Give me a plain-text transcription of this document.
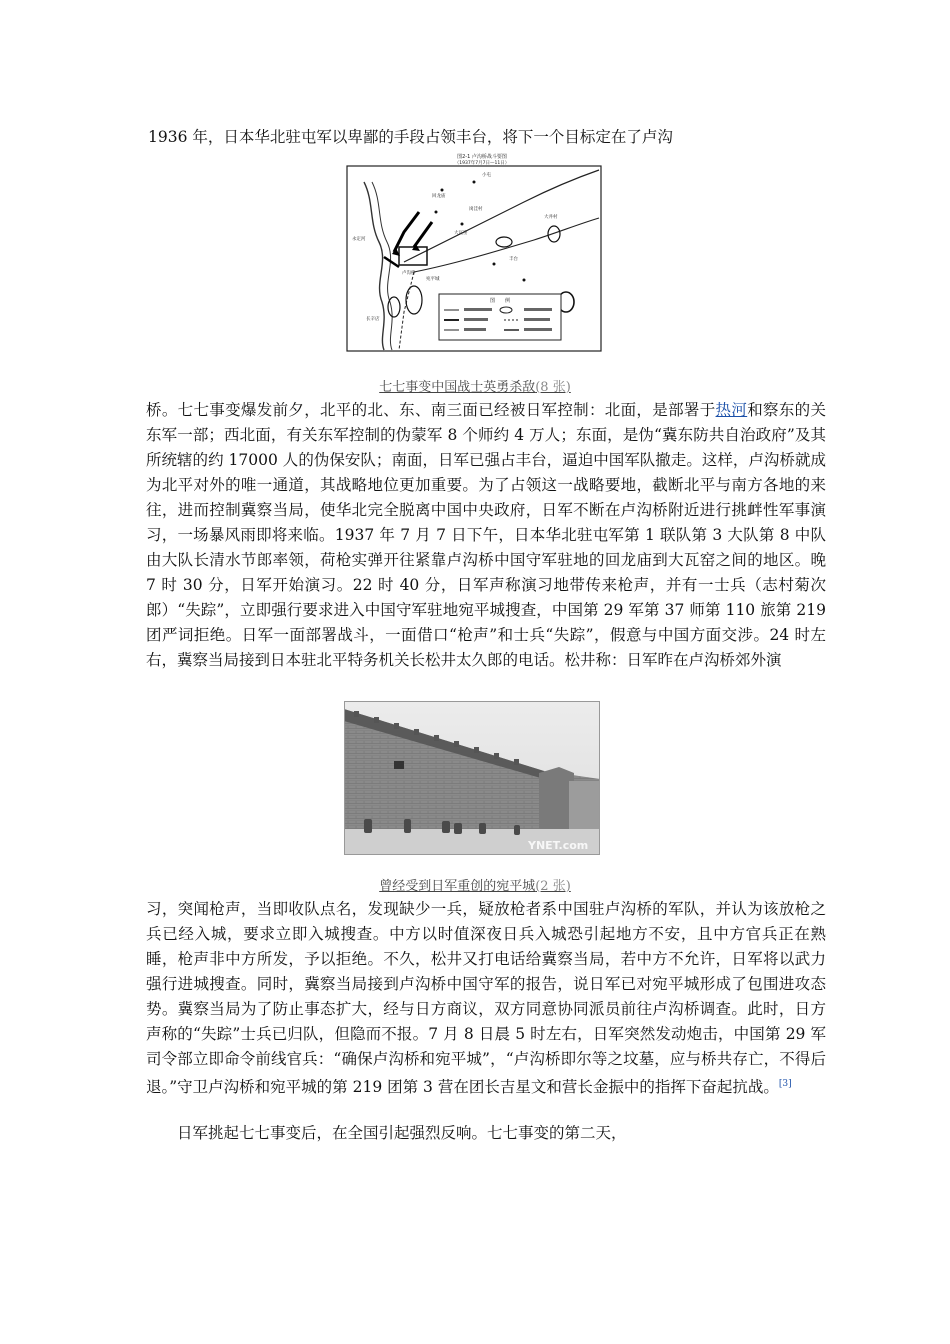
1936 年，日本华北驻屯军以卑鄙的手段占领丰台，将下一个目标定在了卢沟
图2-1 卢沟桥战斗要图
（1937年7月7日—11日）
回龙庙
大瓦窑
卢沟桥
宛平城
丰台
长辛店
永定河
大井村
小屯
岗洼村
图　　例
七七事变中国战士英勇杀敌(8 张)

桥。七七事变爆发前夕，北平的北、东、南三面已经被日军控制：北面，是部署于热河和察东的关东军一部；西北面，有关东军控制的伪蒙军 8 个师约 4 万人；东面，是伪“冀东防共自治政府”及其所统辖的约 17000 人的伪保安队；南面，日军已强占丰台，逼迫中国军队撤走。这样，卢沟桥就成为北平对外的唯一通道，其战略地位更加重要。为了占领这一战略要地，截断北平与南方各地的来往，进而控制冀察当局，使华北完全脱离中国中央政府，日军不断在卢沟桥附近进行挑衅性军事演习，一场暴风雨即将来临。1937 年 7 月 7 日下午，日本华北驻屯军第 1 联队第 3 大队第 8 中队由大队长清水节郎率领，荷枪实弹开往紧靠卢沟桥中国守军驻地的回龙庙到大瓦窑之间的地区。晚 7 时 30 分，日军开始演习。22 时 40 分，日军声称演习地带传来枪声，并有一士兵（志村菊次郎）“失踪”，立即强行要求进入中国守军驻地宛平城搜查，中国第 29 军第 37 师第 110 旅第 219 团严词拒绝。日军一面部署战斗，一面借口“枪声”和士兵“失踪”，假意与中国方面交涉。24 时左右，冀察当局接到日本驻北平特务机关长松井太久郎的电话。松井称：日军昨在卢沟桥郊外演

YNET.com
曾经受到日军重创的宛平城(2 张)

习，突闻枪声，当即收队点名，发现缺少一兵，疑放枪者系中国驻卢沟桥的军队，并认为该放枪之兵已经入城，要求立即入城搜查。中方以时值深夜日兵入城恐引起地方不安，且中方官兵正在熟睡，枪声非中方所发，予以拒绝。不久，松井又打电话给冀察当局，若中方不允许，日军将以武力强行进城搜查。同时，冀察当局接到卢沟桥中国守军的报告，说日军已对宛平城形成了包围进攻态势。冀察当局为了防止事态扩大，经与日方商议，双方同意协同派员前往卢沟桥调查。此时，日方声称的“失踪”士兵已归队，但隐而不报。7 月 8 日晨 5 时左右，日军突然发动炮击，中国第 29 军司令部立即命令前线官兵：“确保卢沟桥和宛平城”，“卢沟桥即尔等之坟墓，应与桥共存亡，不得后退。”守卫卢沟桥和宛平城的第 219 团第 3 营在团长吉星文和营长金振中的指挥下奋起抗战。[3]

日军挑起七七事变后，在全国引起强烈反响。七七事变的第二天，
